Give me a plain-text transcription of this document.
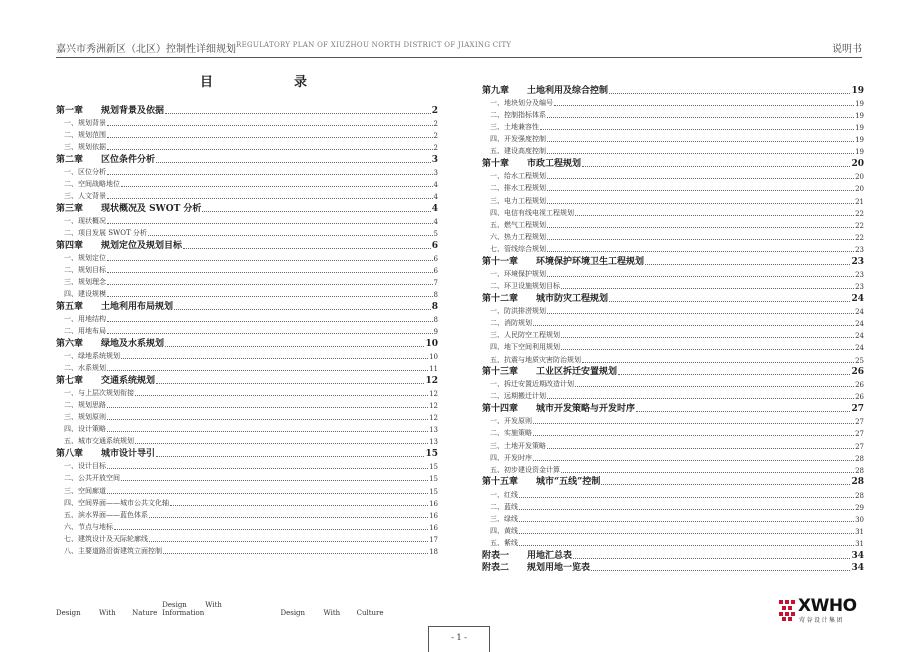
嘉兴市秀洲新区（北区）控制性详细规划 REGULATORY PLAN OF XIUZHOU NORTH DISTRICT OF JIAXING CITY	说明书
目　录
第一章　　规划背景及依据	2
一、规划背景	2
二、规划范围	2
三、规划依据	2
第二章　　区位条件分析	3
一、区位分析	3
二、空间战略地位	4
三、人文背景	4
第三章　　现状概况及 SWOT 分析	4
一、现状概况	4
二、项目发展 SWOT 分析	5
第四章　　规划定位及规划目标	6
一、规划定位	6
二、规划目标	6
三、规划理念	7
四、建设规模	8
第五章　　土地利用布局规划	8
一、用地结构	8
二、用地布局	9
第六章　　绿地及水系规划	10
一、绿地系统规划	10
二、水系规划	11
第七章　　交通系统规划	12
一、与上层次规划衔接	12
二、规划思路	12
三、规划原则	12
四、设计策略	13
五、城市交通系统规划	13
第八章　　城市设计导引	15
一、设计目标	15
二、公共开放空间	15
三、空间廊道	15
四、空间界面——城市公共文化轴	16
五、滨水界面——蓝色体系	16
六、节点与地标	16
七、建筑设计及天际轮廓线	17
八、主要道路沿街建筑立面控制	18
第九章　　土地利用及综合控制	19
一、地块划分及编号	19
二、控制指标体系	19
三、土地兼容性	19
四、开发强度控制	19
五、建设高度控制	19
第十章　　市政工程规划	20
一、给水工程规划	20
二、排水工程规划	20
三、电力工程规划	21
四、电信有线电视工程规划	22
五、燃气工程规划	22
六、热力工程规划	22
七、管线综合规划	23
第十一章　　环境保护环境卫生工程规划	23
一、环境保护规划	23
二、环卫设施规划目标	23
第十二章　　城市防灾工程规划	24
一、防洪排涝规划	24
二、消防规划	24
三、人民防空工程规划	24
四、地下空间利用规划	24
五、抗震与地质灾害防治规划	25
第十三章　　工业区拆迁安置规划	26
一、拆迁安置近期改造计划	26
二、远期搬迁计划	26
第十四章　　城市开发策略与开发时序	27
一、开发原则	27
二、实施策略	27
三、土地开发策略	27
四、开发时序	28
五、初步建设资金计算	28
第十五章　　城市“五线”控制	28
一、红线	28
二、蓝线	29
三、绿线	30
四、黄线	31
五、紫线	31
附表一　　用地汇总表	34
附表二　　规划用地一览表	34
Design	With Nature Design	With  Information	Design	With Culture	XWHO
莺谷设计集团
- 1 -
